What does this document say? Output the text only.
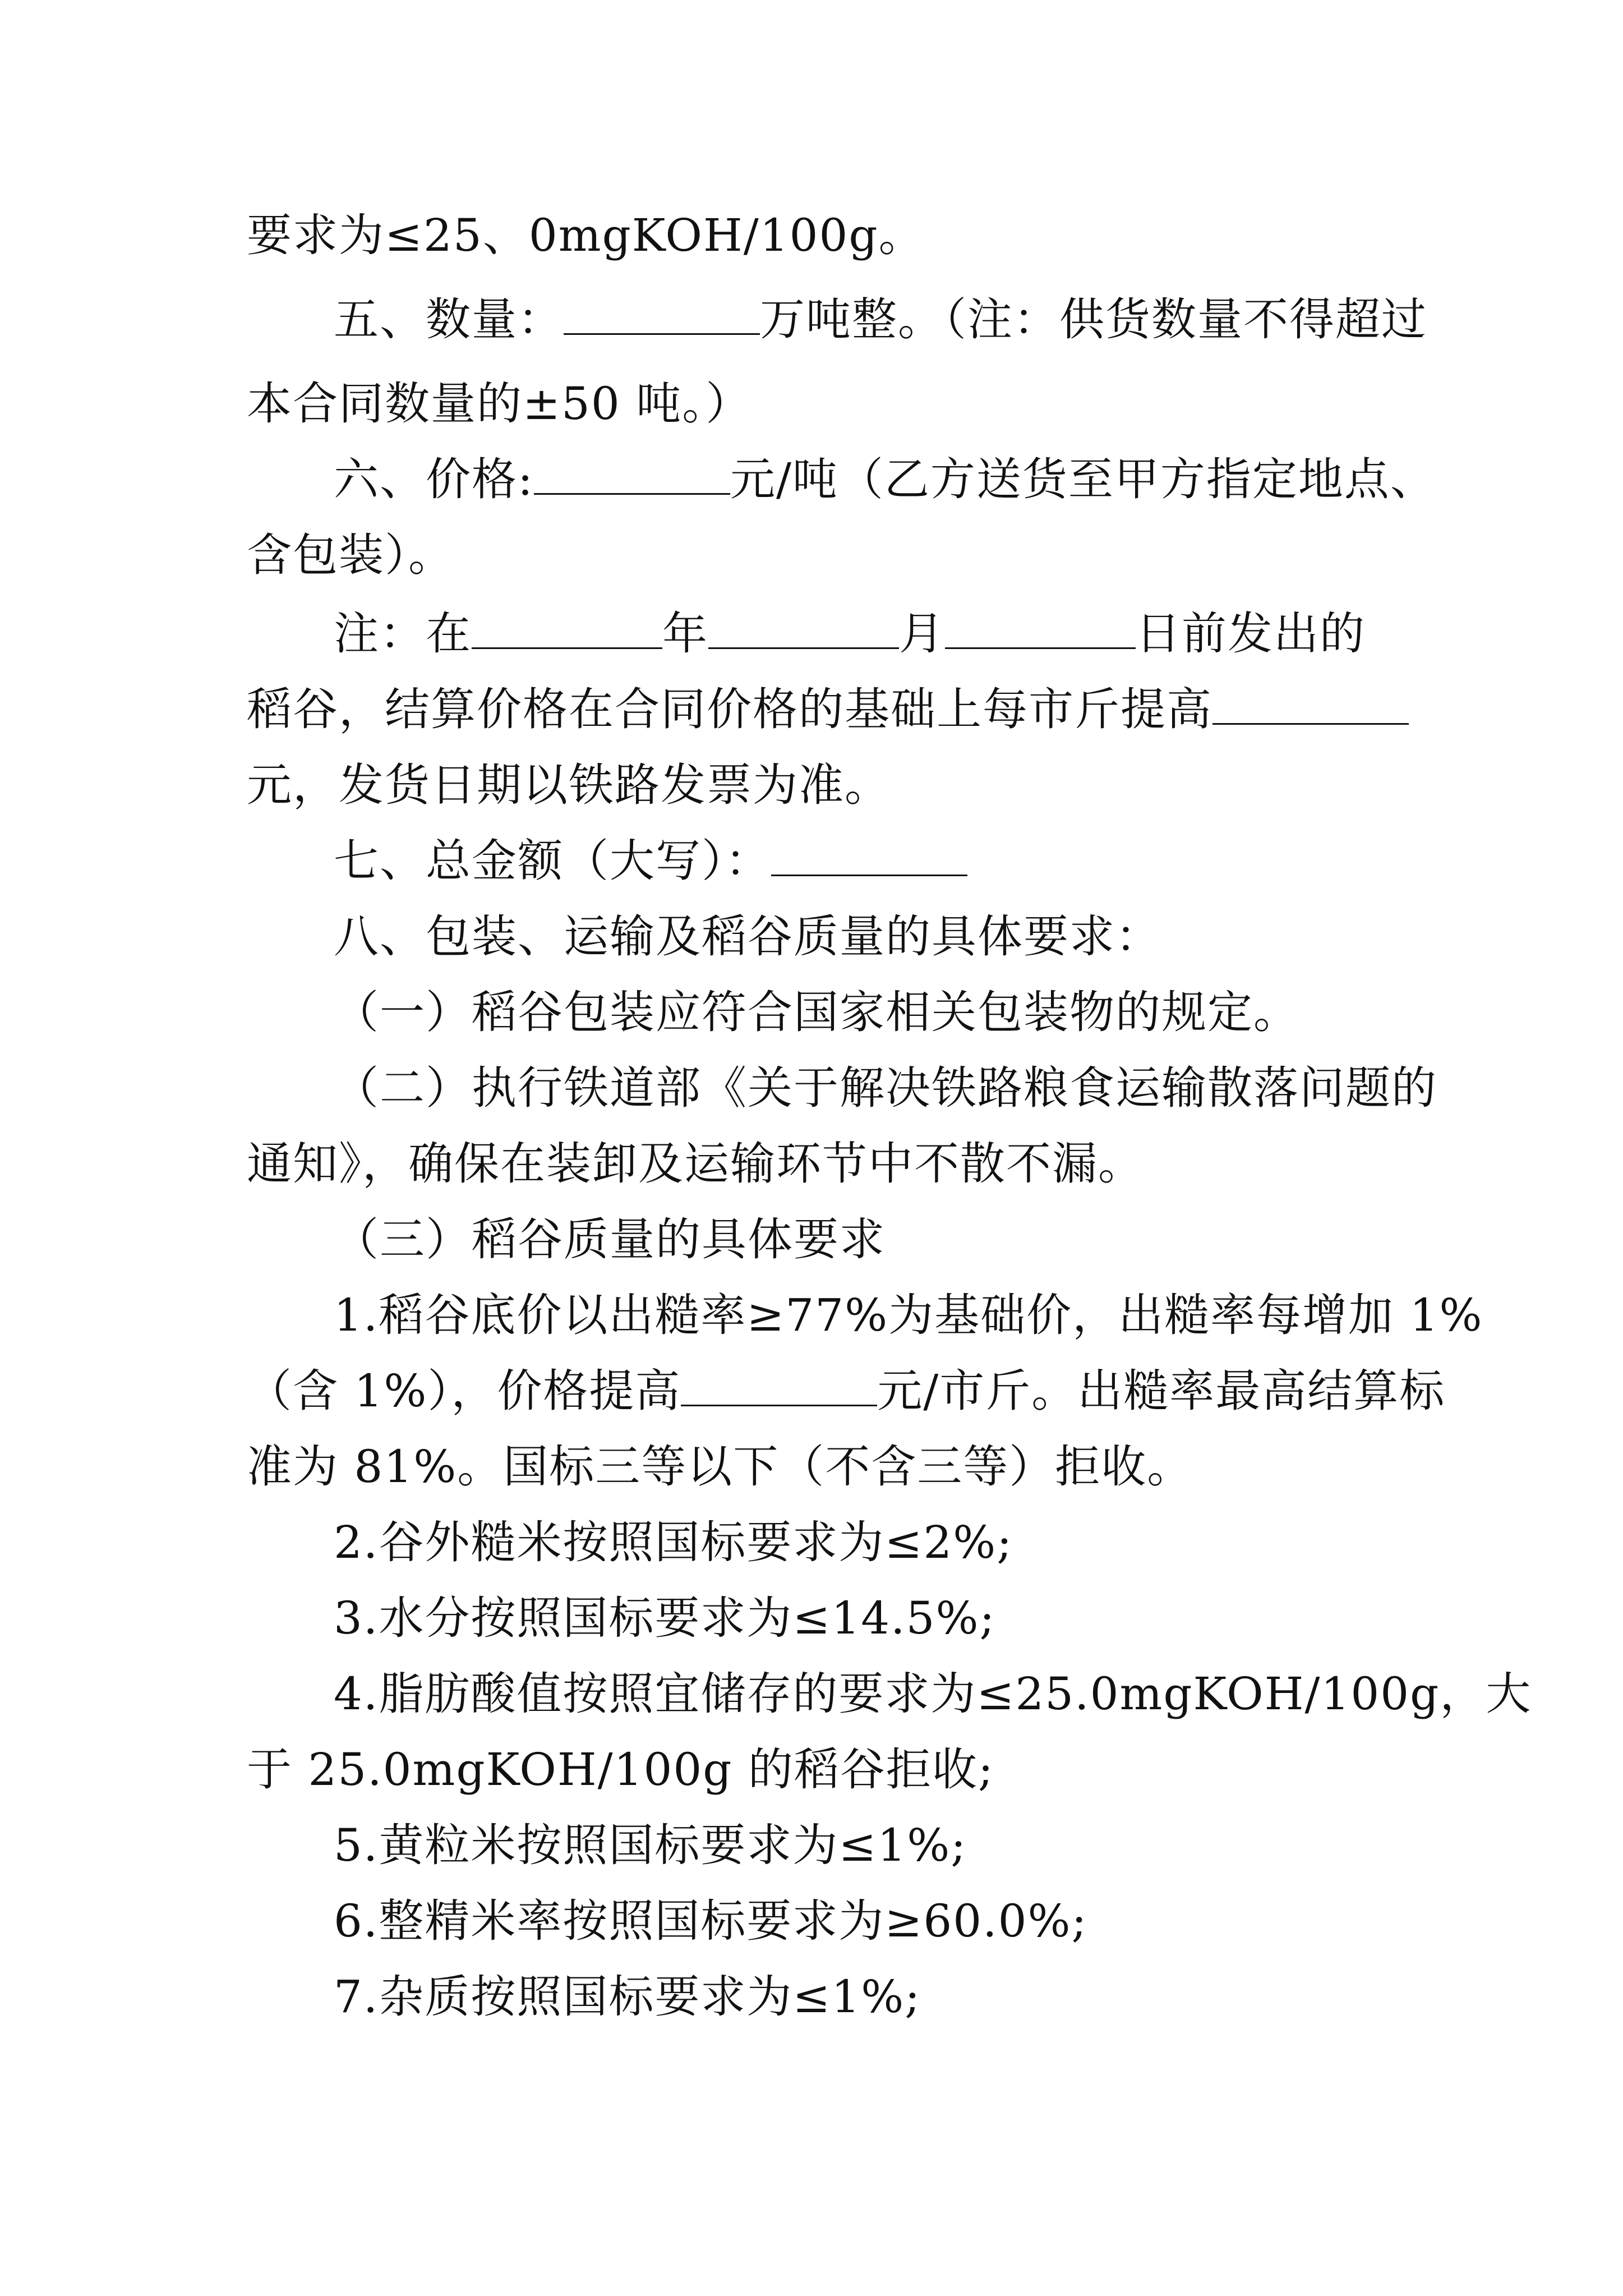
要求为≤25、0mgKOH/100g。
五、数量：	万吨整。（注：供货数量不得超过
本合同数量的±50 吨。）
六、价格:	元/吨（乙方送货至甲方指定地点、
含包装）。
注：在	年	月	日前发出的
稻谷，结算价格在合同价格的基础上每市斤提高
元，发货日期以铁路发票为准。
七、总金额（大写）：
八、包装、运输及稻谷质量的具体要求：
（一）稻谷包装应符合国家相关包装物的规定。
（二）执行铁道部《关于解决铁路粮食运输散落问题的
通知》，确保在装卸及运输环节中不散不漏。
（三）稻谷质量的具体要求
1.稻谷底价以出糙率≥77%为基础价，出糙率每增加 1%
（含 1%），价格提高	元/市斤。出糙率最高结算标
准为 81%。国标三等以下（不含三等）拒收。
2.谷外糙米按照国标要求为≤2%;
3.水分按照国标要求为≤14.5%;
4.脂肪酸值按照宜储存的要求为≤25.0mgKOH/100g，大
于 25.0mgKOH/100g 的稻谷拒收;
5.黄粒米按照国标要求为≤1%;
6.整精米率按照国标要求为≥60.0%;
7.杂质按照国标要求为≤1%;
